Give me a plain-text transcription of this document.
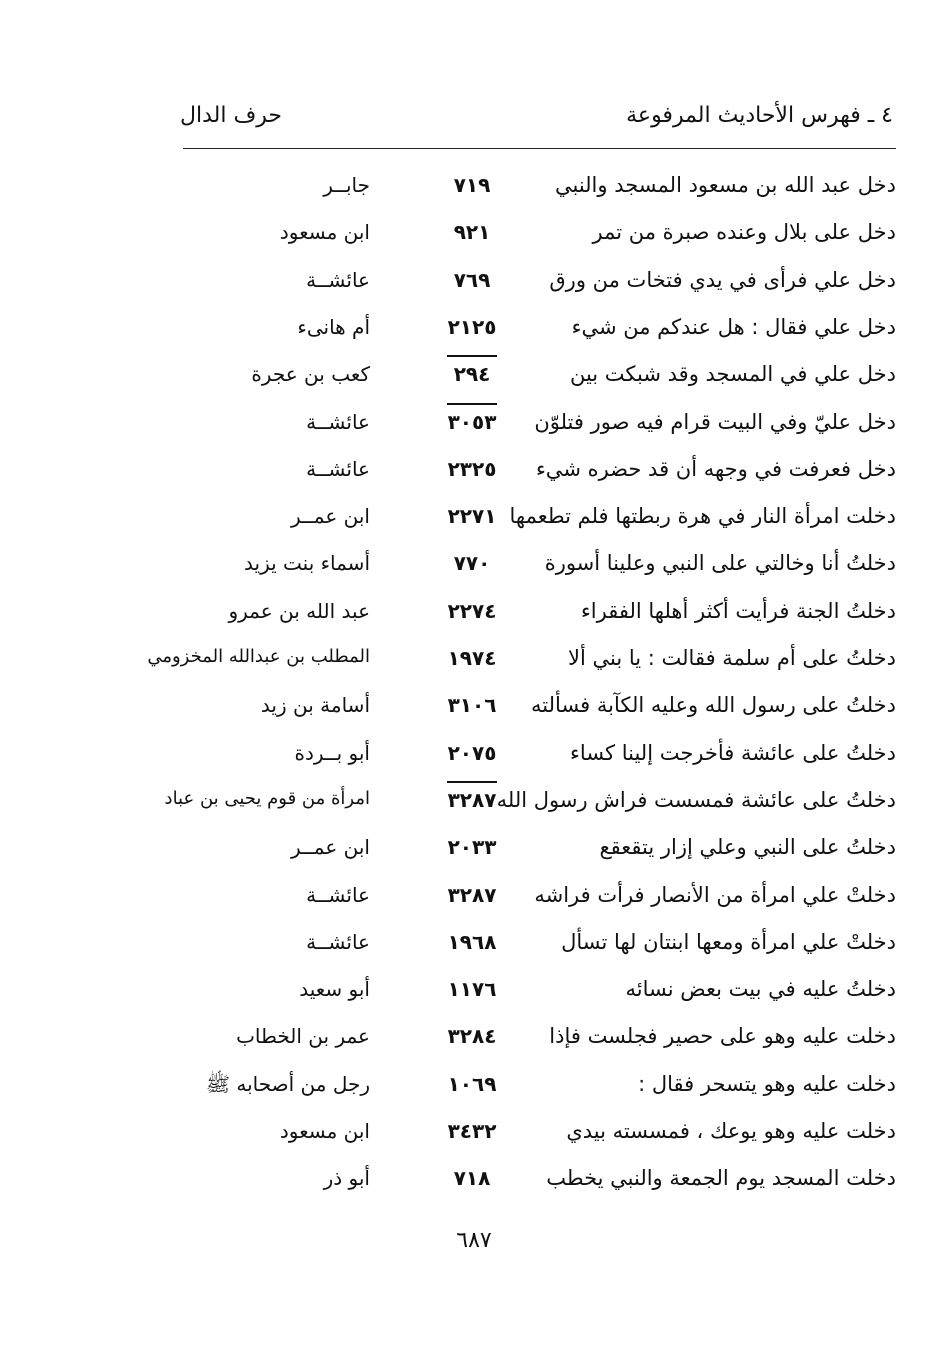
٤ ـ فهرس الأحاديث المرفوعة
حرف الدال
دخل عبد الله بن مسعود المسجد والنبي
٧١٩
جابــر
دخل على بلال وعنده صبرة من تمر
٩٢١
ابن مسعود
دخل علي فرأى في يدي فتخات من ورق
٧٦٩
عائشــة
دخل علي فقال : هل عندكم من شيء
٢١٢٥
أم هانىء
دخل علي في المسجد وقد شبكت بين
٢٩٤
كعب بن عجرة
دخل عليّ وفي البيت قرام فيه صور فتلوّن
٣٠٥٣
عائشــة
دخل فعرفت في وجهه أن قد حضره شيء
٢٣٢٥
عائشــة
دخلت امرأة النار في هرة ربطتها فلم تطعمها
٢٢٧١
ابن عمــر
دخلتُ أنا وخالتي على النبي وعلينا أسورة
٧٧٠
أسماء بنت يزيد
دخلتُ الجنة فرأيت أكثر أهلها الفقراء
٢٢٧٤
عبد الله بن عمرو
دخلتُ على أم سلمة فقالت : يا بني ألا
١٩٧٤
المطلب بن عبدالله المخزومي
دخلتُ على رسول الله وعليه الكآبة فسألته
٣١٠٦
أسامة بن زيد
دخلتُ على عائشة فأخرجت إلينا كساء
٢٠٧٥
أبو بــردة
دخلتُ على عائشة فمسست فراش رسول الله
٣٢٨٧
امرأة من قوم يحيى بن عباد
دخلتُ على النبي وعلي إزار يتقعقع
٢٠٣٣
ابن عمــر
دخلتْ علي امرأة من الأنصار فرأت فراشه
٣٢٨٧
عائشــة
دخلتْ علي امرأة ومعها ابنتان لها تسأل
١٩٦٨
عائشــة
دخلتُ عليه في بيت بعض نسائه
١١٧٦
أبو سعيد
دخلت عليه وهو على حصير فجلست فإذا
٣٢٨٤
عمر بن الخطاب
دخلت عليه وهو يتسحر فقال :
١٠٦٩
رجل من أصحابه ﷺ
دخلت عليه وهو يوعك ، فمسسته بيدي
٣٤٣٢
ابن مسعود
دخلت المسجد يوم الجمعة والنبي يخطب
٧١٨
أبو ذر
٦٨٧
